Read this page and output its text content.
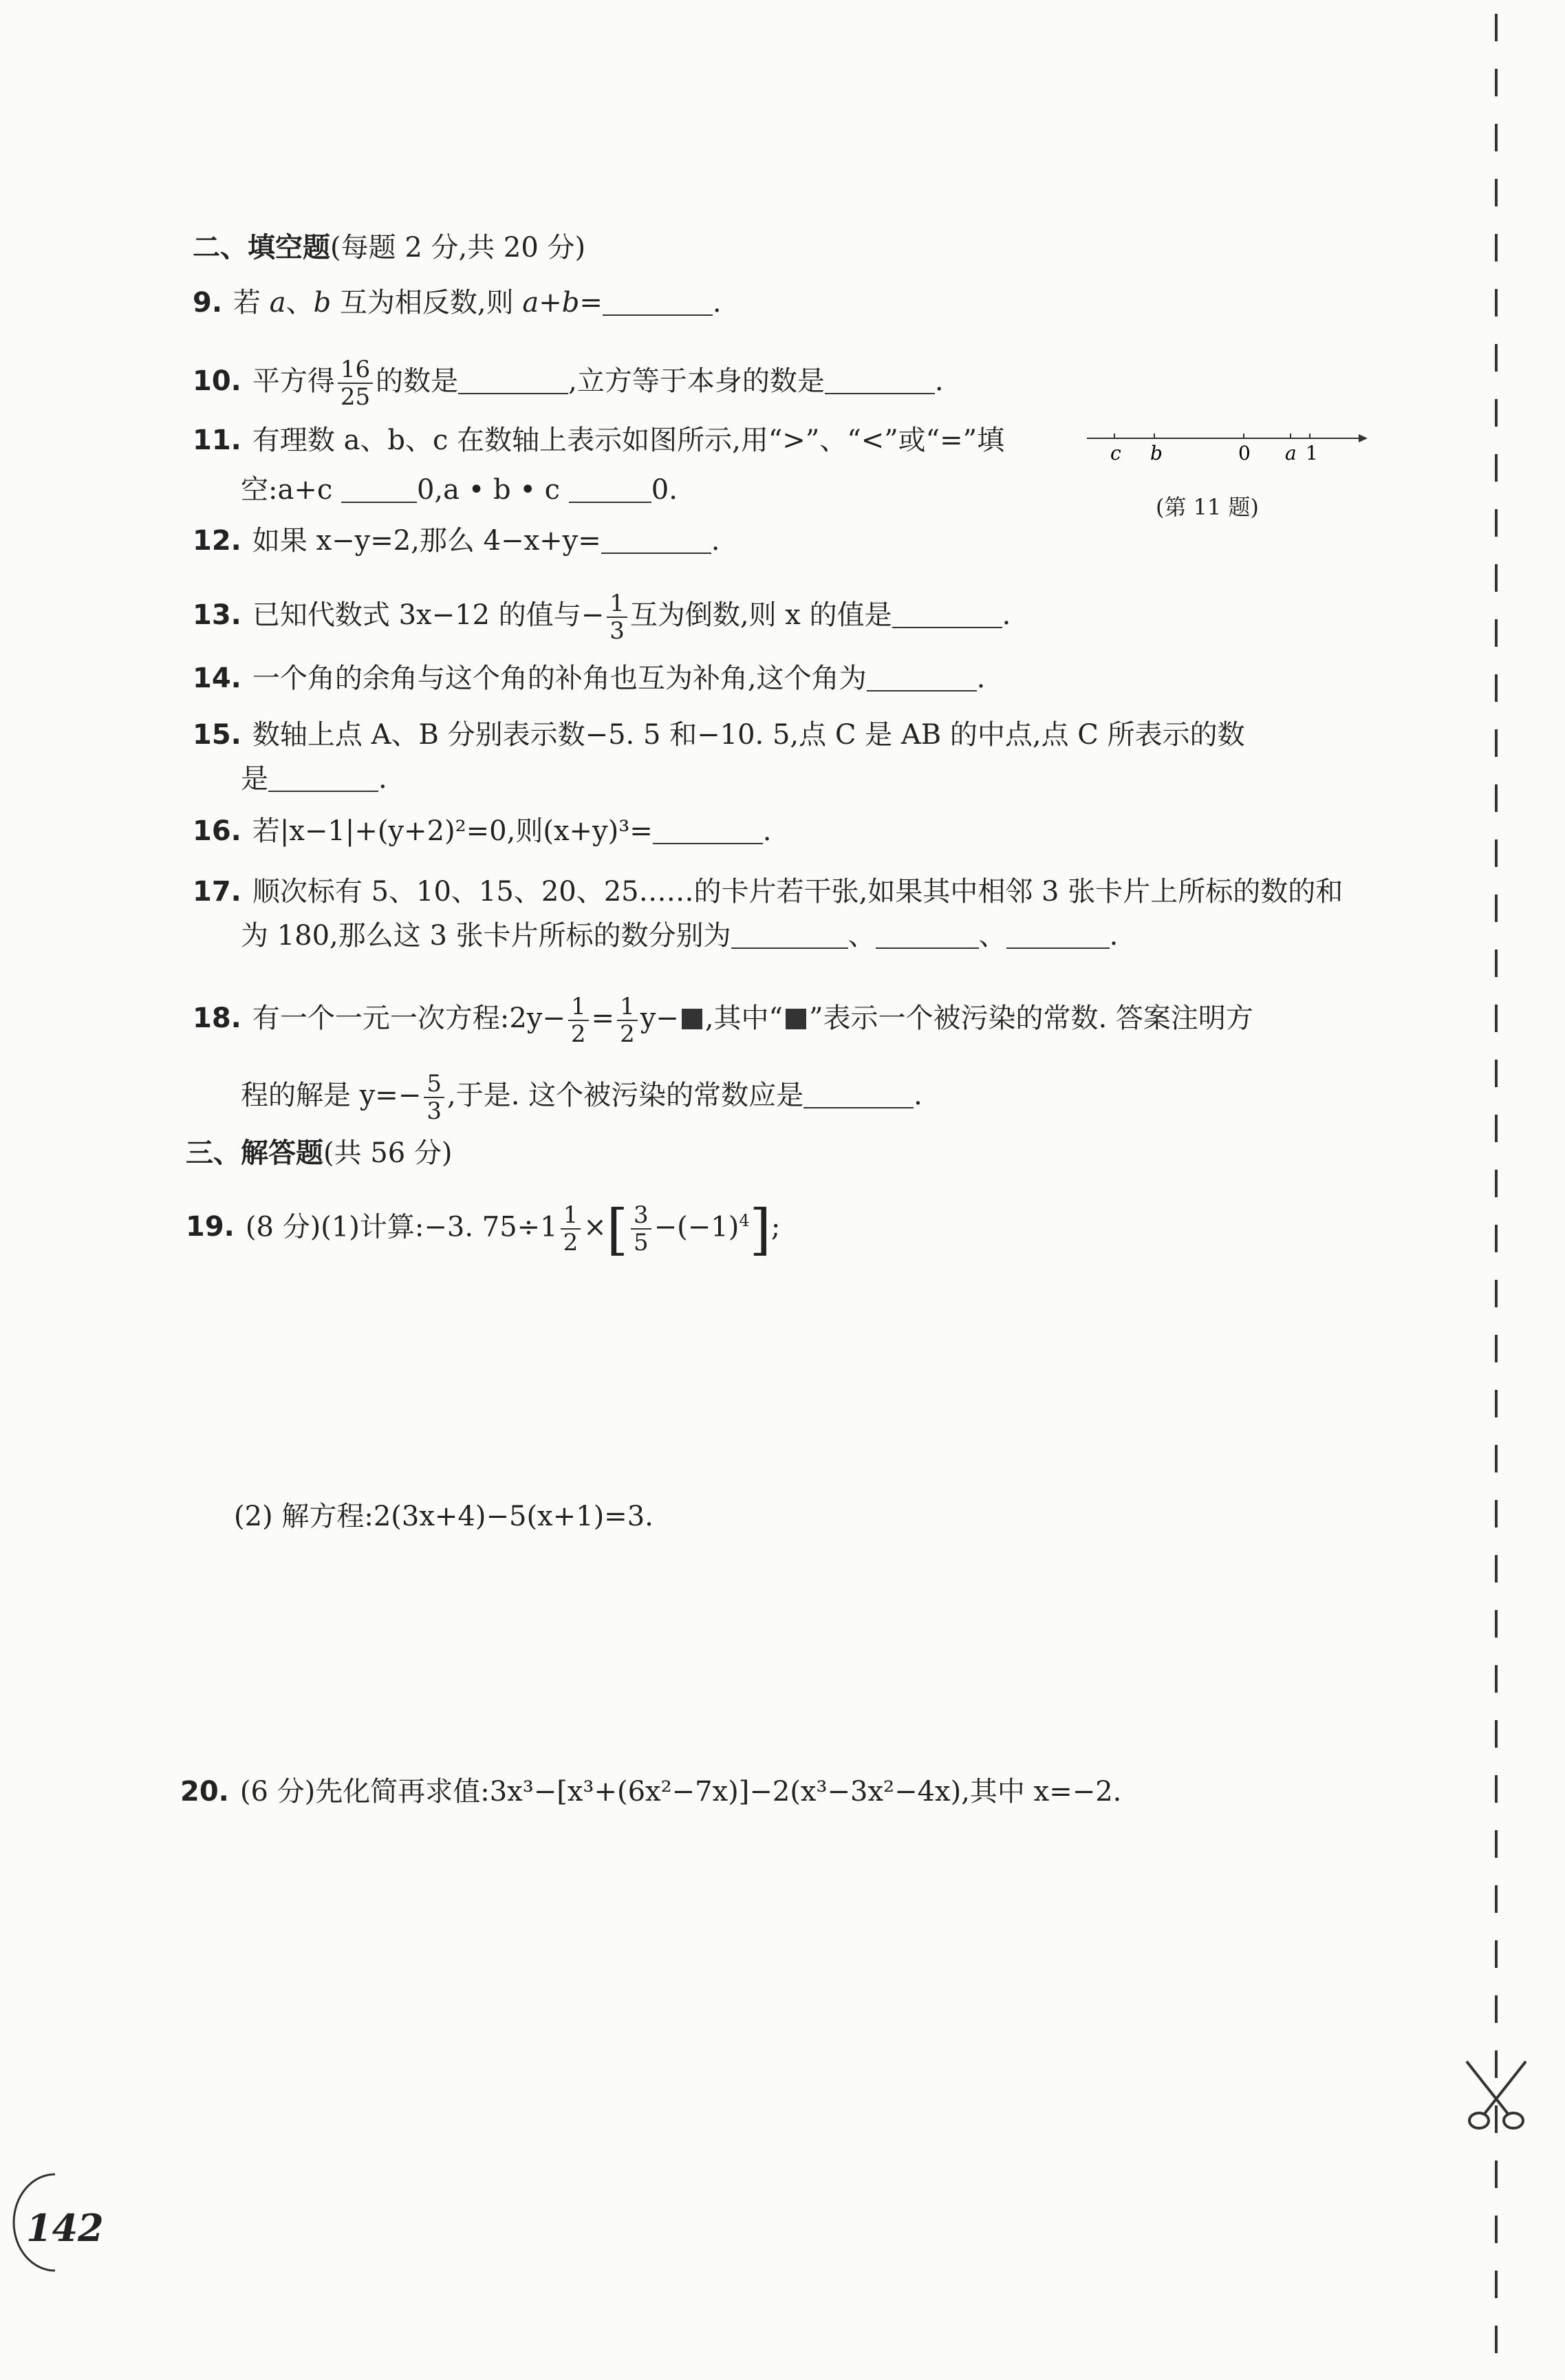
二、填空题(每题 2 分,共 20 分)
9. 若 a、b 互为相反数,则 a+b=	.
10. 平方得 $\frac{16}{25}$ 的数是	,立方等于本身的数是	.
11. 有理数 a、b、c 在数轴上表示如图所示,用“>”、“<”或“=”填
空:a+c	0,a • b • c	0.
c b	0 a 1
(第 11 题)
12. 如果 x−y=2,那么 4−x+y=	.
13. 已知代数式 3x−12 的值与− $\frac{1}{3}$ 互为倒数,则 x 的值是	.
14. 一个角的余角与这个角的补角也互为补角,这个角为	.
15. 数轴上点 A、B 分别表示数−5. 5 和−10. 5,点 C 是 AB 的中点,点 C 所表示的数
是	.
16. 若|x−1|+(y+2)²=0,则(x+y)³=	.
17. 顺次标有 5、10、15、20、25……的卡片若干张,如果其中相邻 3 张卡片上所标的数的和
为 180,那么这 3 张卡片所标的数分别为	、	、	.
18. 有一个一元一次方程:2y− $\frac{1}{2} = \frac{1}{2} y-$ ,其中“ ”表示一个被污染的常数. 答案注明方
程的解是 $y=- \frac{5}{3}$ ,于是. 这个被污染的常数应是	.
三、解答题(共 56 分)
19. (8 分)(1)计算:−3. $75\div 1 \frac{1}{2}$ ×[ $\frac{3}{5} -(-1)^4$];
(2) 解方程:2(3x+4)−5(x+1)=3.
20. (6 分)先化简再求值:3x³−[x³+(6x²−7x)]−2(x³−3x²−4x),其中 x=−2.
142
